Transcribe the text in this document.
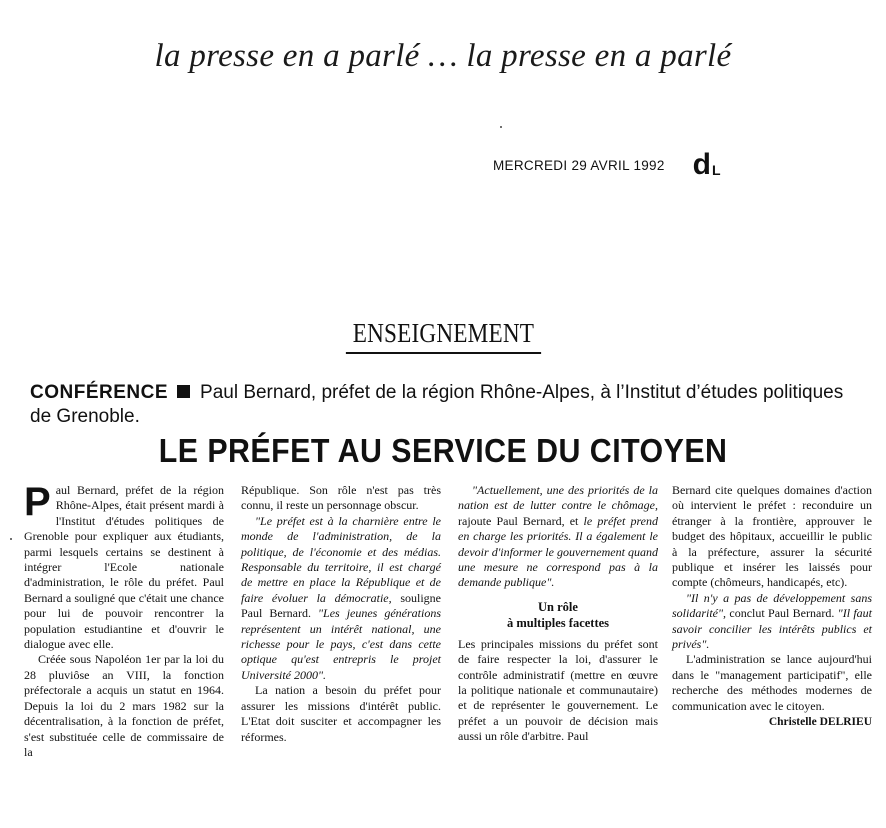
la presse en a parlé … la presse en a parlé
MERCREDI 29 AVRIL 1992 d L
ENSEIGNEMENT
CONFÉRENCE Paul Bernard, préfet de la région Rhône-Alpes, à l’Institut d’études politiques de Grenoble.
LE PRÉFET AU SERVICE DU CITOYEN

Paul Bernard, préfet de la région Rhône-Alpes, était présent mardi à l'Institut d'études politiques de Grenoble pour expliquer aux étudiants, parmi lesquels certains se destinent à intégrer l'Ecole nationale d'administration, le rôle du préfet. Paul Bernard a souligné que c'était une chance pour lui de pouvoir rencontrer la population estudiantine et d'ouvrir le dialogue avec elle.

Créée sous Napoléon 1er par la loi du 28 pluviôse an VIII, la fonction préfectorale a acquis un statut en 1964. Depuis la loi du 2 mars 1982 sur la décentralisation, à la fonction de préfet, s'est substituée celle de commissaire de la

République. Son rôle n'est pas très connu, il reste un personnage obscur.

"Le préfet est à la charnière entre le monde de l'administration, de la politique, de l'économie et des médias. Responsable du territoire, il est chargé de mettre en place la République et de faire évoluer la démocratie, souligne Paul Bernard. "Les jeunes générations représentent un intérêt national, une richesse pour le pays, c'est dans cette optique qu'est entrepris le projet Université 2000".

La nation a besoin du préfet pour assurer les missions d'intérêt public. L'Etat doit susciter et accompagner les réformes.

"Actuellement, une des priorités de la nation est de lutter contre le chômage, rajoute Paul Bernard, et le préfet prend en charge les priorités. Il a également le devoir d'informer le gouvernement quand une mesure ne correspond pas à la demande publique".

Un rôle
à multiples facettes

Les principales missions du préfet sont de faire respecter la loi, d'assurer le contrôle administratif (mettre en œuvre la politique nationale et communautaire) et de représenter le gouvernement. Le préfet a un pouvoir de décision mais aussi un rôle d'arbitre. Paul

Bernard cite quelques domaines d'action où intervient le préfet : reconduire un étranger à la frontière, approuver le budget des hôpitaux, accueillir le public à la préfecture, assurer la sécurité publique et insérer les laissés pour compte (chômeurs, handicapés, etc).

"Il n'y a pas de développement sans solidarité", conclut Paul Bernard. "Il faut savoir concilier les intérêts publics et privés".

L'administration se lance aujourd'hui dans le "management participatif", elle recherche des méthodes modernes de communication avec le citoyen.

Christelle DELRIEU
